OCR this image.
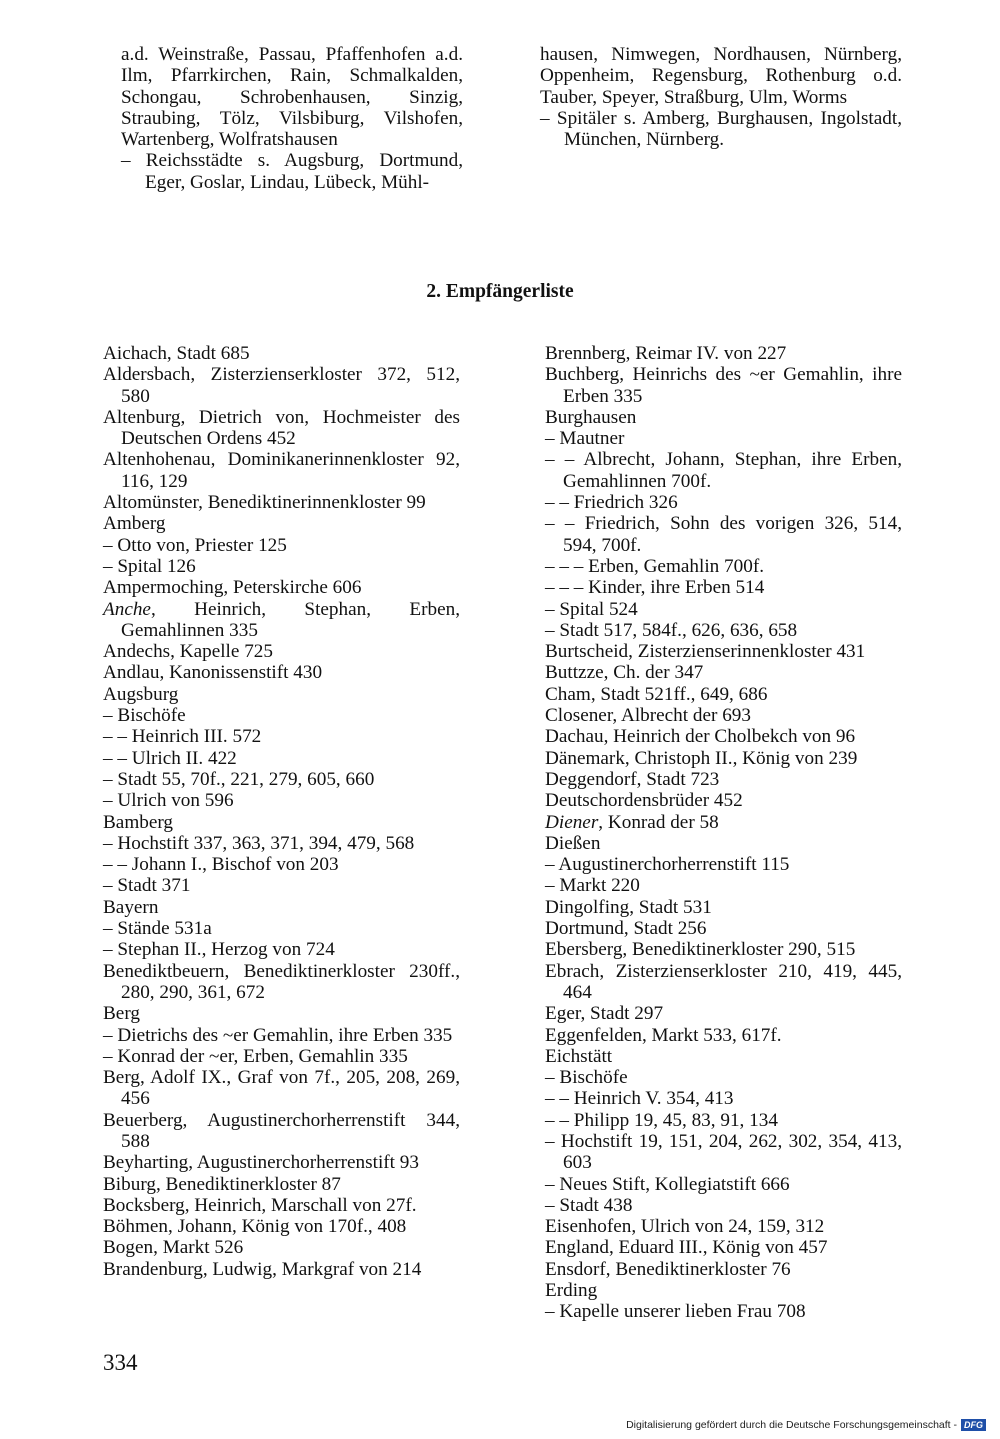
a.d. Weinstraße, Passau, Pfaffenhofen a.d. Ilm, Pfarrkirchen, Rain, Schmalkalden, Schongau, Schrobenhausen, Sinzig, Straubing, Tölz, Vilsbiburg, Vilshofen, Wartenberg, Wolfratshausen
– Reichsstädte s. Augsburg, Dortmund, Eger, Goslar, Lindau, Lübeck, Mühl-
hausen, Nimwegen, Nordhausen, Nürnberg, Oppenheim, Regensburg, Rothenburg o.d. Tauber, Speyer, Straßburg, Ulm, Worms
– Spitäler s. Amberg, Burghausen, Ingolstadt, München, Nürnberg.
2. Empfängerliste
Aichach, Stadt 685
Aldersbach, Zisterzienserkloster 372, 512, 580
Altenburg, Dietrich von, Hochmeister des Deutschen Ordens 452
Altenhohenau, Dominikanerinnenkloster 92, 116, 129
Altomünster, Benediktinerinnenkloster 99
Amberg
– Otto von, Priester 125
– Spital 126
Ampermoching, Peterskirche 606
Anche, Heinrich, Stephan, Erben, Gemahlinnen 335
Andechs, Kapelle 725
Andlau, Kanonissenstift 430
Augsburg
– Bischöfe
– – Heinrich III. 572
– – Ulrich II. 422
– Stadt 55, 70f., 221, 279, 605, 660
– Ulrich von 596
Bamberg
– Hochstift 337, 363, 371, 394, 479, 568
– – Johann I., Bischof von 203
– Stadt 371
Bayern
– Stände 531a
– Stephan II., Herzog von 724
Benediktbeuern, Benediktinerkloster 230ff., 280, 290, 361, 672
Berg
– Dietrichs des ~er Gemahlin, ihre Erben 335
– Konrad der ~er, Erben, Gemahlin 335
Berg, Adolf IX., Graf von 7f., 205, 208, 269, 456
Beuerberg, Augustinerchorherrenstift 344, 588
Beyharting, Augustinerchorherrenstift 93
Biburg, Benediktinerkloster 87
Bocksberg, Heinrich, Marschall von 27f.
Böhmen, Johann, König von 170f., 408
Bogen, Markt 526
Brandenburg, Ludwig, Markgraf von 214
Brennberg, Reimar IV. von 227
Buchberg, Heinrichs des ~er Gemahlin, ihre Erben 335
Burghausen
– Mautner
– – Albrecht, Johann, Stephan, ihre Erben, Gemahlinnen 700f.
– – Friedrich 326
– – Friedrich, Sohn des vorigen 326, 514, 594, 700f.
– – – Erben, Gemahlin 700f.
– – – Kinder, ihre Erben 514
– Spital 524
– Stadt 517, 584f., 626, 636, 658
Burtscheid, Zisterzienserinnenkloster 431
Buttzze, Ch. der 347
Cham, Stadt 521ff., 649, 686
Closener, Albrecht der 693
Dachau, Heinrich der Cholbekch von 96
Dänemark, Christoph II., König von 239
Deggendorf, Stadt 723
Deutschordensbrüder 452
Diener, Konrad der 58
Dießen
– Augustinerchorherrenstift 115
– Markt 220
Dingolfing, Stadt 531
Dortmund, Stadt 256
Ebersberg, Benediktinerkloster 290, 515
Ebrach, Zisterzienserkloster 210, 419, 445, 464
Eger, Stadt 297
Eggenfelden, Markt 533, 617f.
Eichstätt
– Bischöfe
– – Heinrich V. 354, 413
– – Philipp 19, 45, 83, 91, 134
– Hochstift 19, 151, 204, 262, 302, 354, 413, 603
– Neues Stift, Kollegiatstift 666
– Stadt 438
Eisenhofen, Ulrich von 24, 159, 312
England, Eduard III., König von 457
Ensdorf, Benediktinerkloster 76
Erding
– Kapelle unserer lieben Frau 708
334
Digitalisierung gefördert durch die Deutsche Forschungsgemeinschaft - DFG
